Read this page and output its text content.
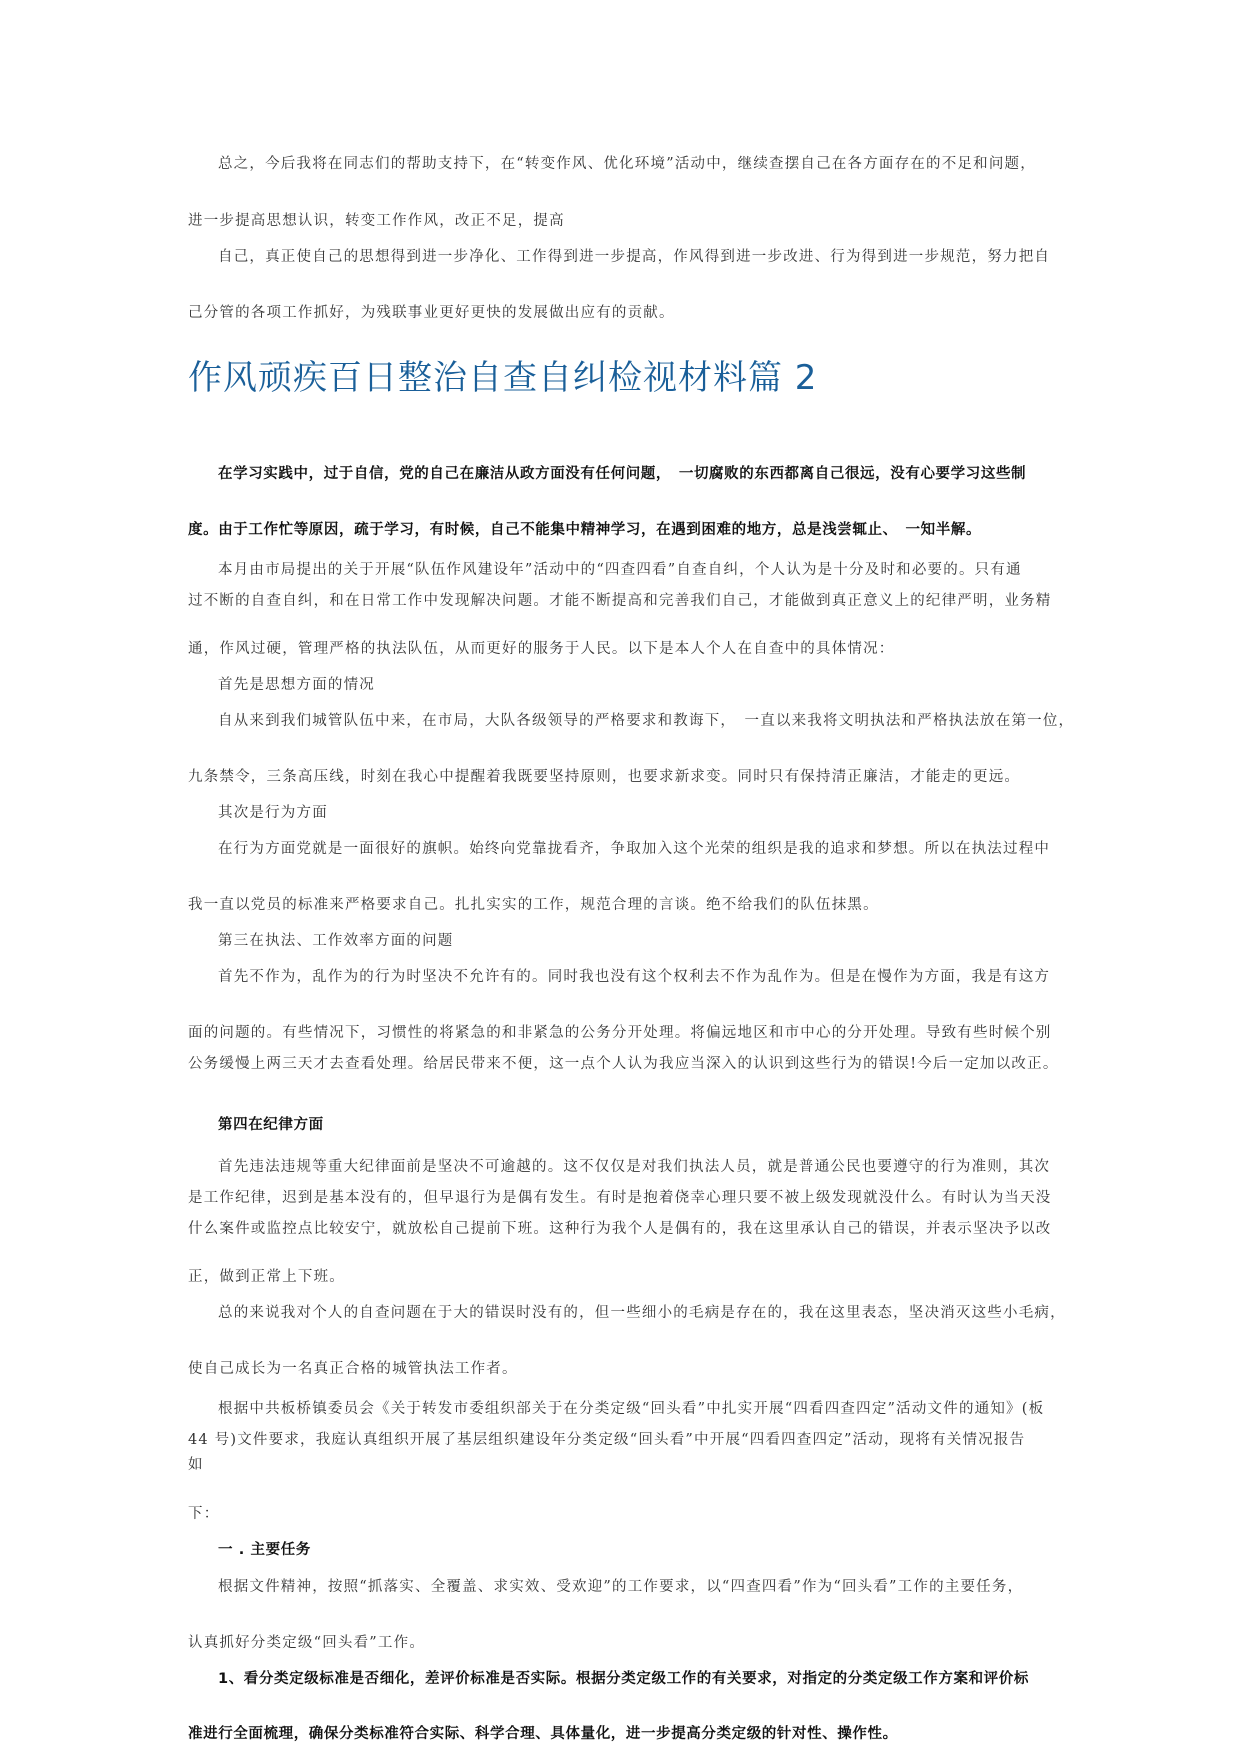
总之，今后我将在同志们的帮助支持下，在“转变作风、优化环境”活动中，继续查摆自己在各方面存在的不足和问题，
进一步提高思想认识，转变工作作风，改正不足，提高
自己，真正使自己的思想得到进一步净化、工作得到进一步提高，作风得到进一步改进、行为得到进一步规范，努力把自
己分管的各项工作抓好，为残联事业更好更快的发展做出应有的贡献。
作风顽疾百日整治自查自纠检视材料篇 2
在学习实践中，过于自信，党的自己在廉洁从政方面没有任何问题，　一切腐败的东西都离自己很远，没有心要学习这些制
度。由于工作忙等原因，疏于学习，有时候，自己不能集中精神学习，在遇到困难的地方，总是浅尝辄止、　一知半解。
本月由市局提出的关于开展“队伍作风建设年”活动中的“四查四看”自查自纠，个人认为是十分及时和必要的。只有通
过不断的自查自纠，和在日常工作中发现解决问题。才能不断提高和完善我们自己，才能做到真正意义上的纪律严明，业务精
通，作风过硬，管理严格的执法队伍，从而更好的服务于人民。以下是本人个人在自查中的具体情况：
首先是思想方面的情况
自从来到我们城管队伍中来，在市局，大队各级领导的严格要求和教诲下，　一直以来我将文明执法和严格执法放在第一位，
九条禁令，三条高压线，时刻在我心中提醒着我既要坚持原则，也要求新求变。同时只有保持清正廉洁，才能走的更远。
其次是行为方面
在行为方面党就是一面很好的旗帜。始终向党靠拢看齐，争取加入这个光荣的组织是我的追求和梦想。所以在执法过程中
我一直以党员的标准来严格要求自己。扎扎实实的工作，规范合理的言谈。绝不给我们的队伍抹黑。
第三在执法、工作效率方面的问题
首先不作为，乱作为的行为时坚决不允许有的。同时我也没有这个权利去不作为乱作为。但是在慢作为方面，我是有这方
面的问题的。有些情况下，习惯性的将紧急的和非紧急的公务分开处理。将偏远地区和市中心的分开处理。导致有些时候个别
公务缓慢上两三天才去查看处理。给居民带来不便，这一点个人认为我应当深入的认识到这些行为的错误!今后一定加以改正。
第四在纪律方面
首先违法违规等重大纪律面前是坚决不可逾越的。这不仅仅是对我们执法人员，就是普通公民也要遵守的行为准则，其次
是工作纪律，迟到是基本没有的，但早退行为是偶有发生。有时是抱着侥幸心理只要不被上级发现就没什么。有时认为当天没
什么案件或监控点比较安宁，就放松自己提前下班。这种行为我个人是偶有的，我在这里承认自己的错误，并表示坚决予以改
正，做到正常上下班。
总的来说我对个人的自查问题在于大的错误时没有的，但一些细小的毛病是存在的，我在这里表态，坚决消灭这些小毛病，
使自己成长为一名真正合格的城管执法工作者。
根据中共板桥镇委员会《关于转发市委组织部关于在分类定级“回头看”中扎实开展“四看四查四定”活动文件的通知》(板
44 号)文件要求，我庭认真组织开展了基层组织建设年分类定级“回头看”中开展“四看四查四定”活动，现将有关情况报告
如
下：
一 . 主要任务
根据文件精神，按照“抓落实、全覆盖、求实效、受欢迎”的工作要求，以“四查四看”作为“回头看”工作的主要任务，
认真抓好分类定级“回头看”工作。
1、看分类定级标准是否细化，差评价标准是否实际。根据分类定级工作的有关要求，对指定的分类定级工作方案和评价标
准进行全面梳理，确保分类标准符合实际、科学合理、具体量化，进一步提高分类定级的针对性、操作性。
